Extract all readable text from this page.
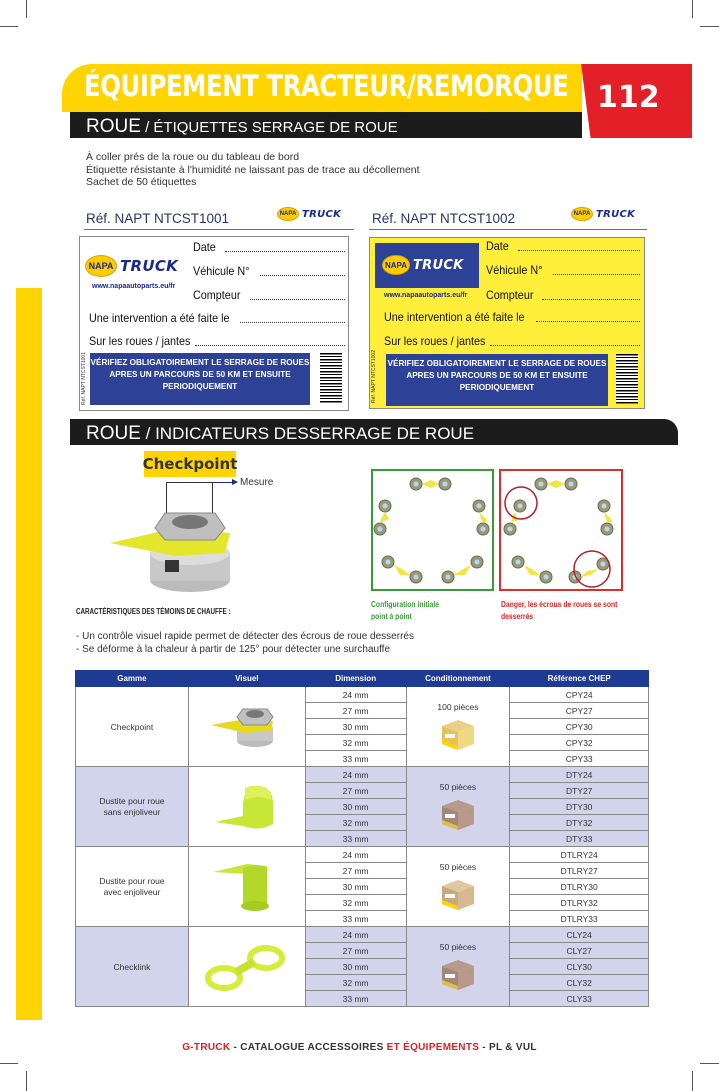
ÉQUIPEMENT TRACTEUR/REMORQUE 112
ROUE / ÉTIQUETTES SERRAGE DE ROUE
À coller prés de la roue ou du tableau de bord
Étiquette résistante à l'humidité ne laissant pas de trace au décollement
Sachet de 50 étiquettes
Réf. NAPT NTCST1001	NAPA TRUCK
NAPA TRUCK
www.napaautoparts.eu/fr
Date
Véhicule N°
Compteur
Une intervention a été faite le
Sur les roues / jantes
Réf. NAPT NTCST1001 VÉRIFIEZ OBLIGATOIREMENT LE SERRAGE DE ROUES APRES UN PARCOURS DE 50 KM ET ENSUITE PERIODIQUEMENT
Réf. NAPT NTCST1002	NAPA TRUCK
NAPA TRUCK
www.napaautoparts.eu/fr
Date
Véhicule N°
Compteur
Une intervention a été faite le
Sur les roues / jantes
Réf. NAPT NTCST1002 VÉRIFIEZ OBLIGATOIREMENT LE SERRAGE DE ROUES APRES UN PARCOURS DE 50 KM ET ENSUITE PERIODIQUEMENT
ROUE / INDICATEURS DESSERRAGE DE ROUE
Checkpoint
Mesure
Configuration initiale
point à point
Danger, les écrous de roues se sont
desserrés
CARACTÉRISTIQUES DES TÉMOINS DE CHAUFFE :
- Un contrôle visuel rapide permet de détecter des écrous de roue desserrés
- Se déforme à la chaleur à partir de 125° pour détecter une surchauffe
Gamme	Visuel	Dimension	Conditionnement	Référence CHEP
Checkpoint		24 mm	100 pièces	CPY24
		27 mm		CPY27
		30 mm		CPY30
		32 mm		CPY32
		33 mm		CPY33
Dustite pour roue sans enjoliveur		24 mm	50 pièces	DTY24
		27 mm		DTY27
		30 mm		DTY30
		32 mm		DTY32
		33 mm		DTY33
Dustite pour roue avec enjoliveur		24 mm	50 pièces	DTLRY24
		27 mm		DTLRY27
		30 mm		DTLRY30
		32 mm		DTLRY32
		33 mm		DTLRY33
Checklink		24 mm	50 pièces	CLY24
		27 mm		CLY27
		30 mm		CLY30
		32 mm		CLY32
		33 mm		CLY33
G-TRUCK - CATALOGUE ACCESSOIRES ET ÉQUIPEMENTS - PL & VUL
